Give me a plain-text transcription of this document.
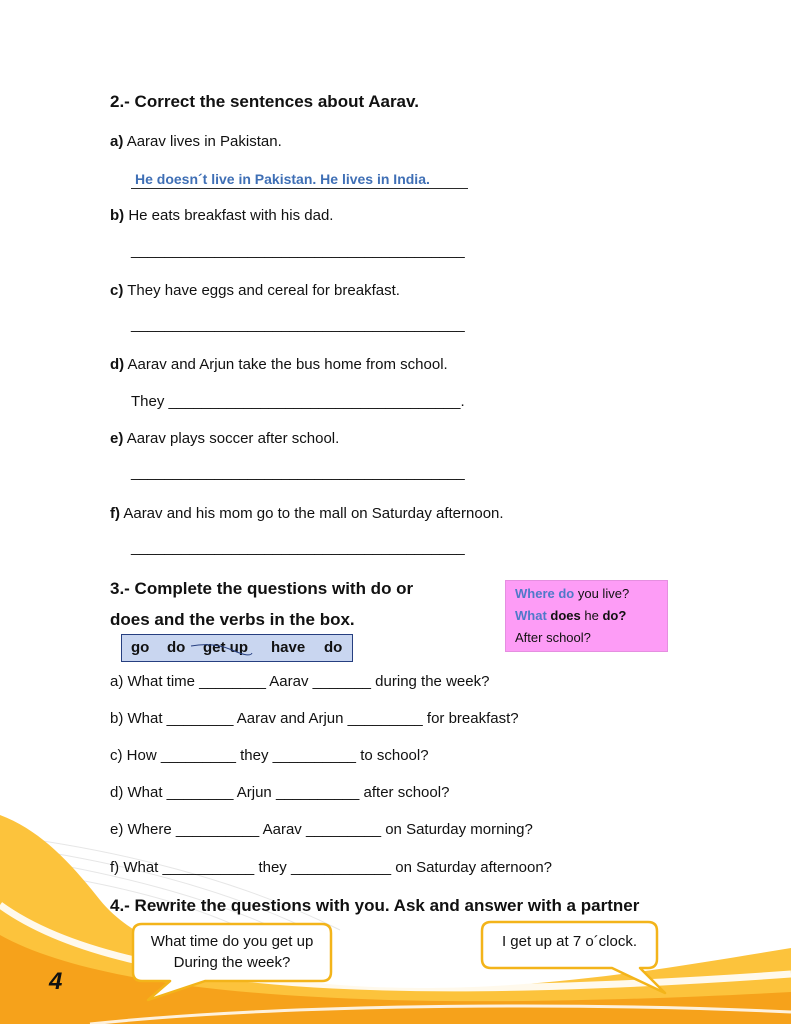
2.- Correct the sentences about Aarav.
a) Aarav lives in Pakistan.
He doesn´t live in Pakistan. He lives in India.
b) He eats breakfast with his dad.
________________________________________
c) They have eggs and cereal for breakfast.
________________________________________
d) Aarav and Arjun take the bus home from school.
They ___________________________________.
e) Aarav plays soccer after school.
________________________________________
f) Aarav and his mom go to the mall on Saturday afternoon.
________________________________________
3.- Complete the questions with do or
does and the verbs in the box.
go do get up have do
Where do you live?
What does he do?
After school?
a) What time ________ Aarav _______ during the week?
b) What ________ Aarav and Arjun _________ for breakfast?
c) How _________ they __________ to school?
d) What ________ Arjun __________ after school?
e) Where __________ Aarav _________ on Saturday morning?
f) What ___________ they ____________ on Saturday afternoon?
4.- Rewrite the questions with you. Ask and answer with a partner
What time do you get up
During the week?
I get up at 7 o´clock.
4
